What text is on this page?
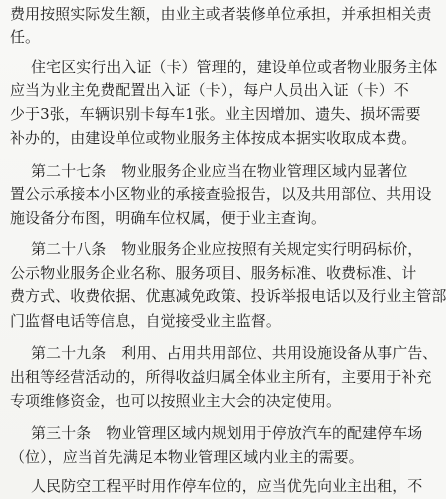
费用按照实际发生额，由业主或者装修单位承担，并承担相关责
任。
住宅区实行出入证（卡）管理的，建设单位或者物业服务主体
应当为业主免费配置出入证（卡），每户人员出入证（卡）不
少于3张，车辆识别卡每车1张。业主因增加、遗失、损坏需要
补办的，由建设单位或物业服务主体按成本据实收取成本费。
第二十七条　物业服务企业应当在物业管理区域内显著位
置公示承接本小区物业的承接查验报告，以及共用部位、共用设
施设备分布图，明确车位权属，便于业主查询。
第二十八条　物业服务企业应按照有关规定实行明码标价，
公示物业服务企业名称、服务项目、服务标准、收费标准、计
费方式、收费依据、优惠减免政策、投诉举报电话以及行业主管部
门监督电话等信息，自觉接受业主监督。
第二十九条　利用、占用共用部位、共用设施设备从事广告、
出租等经营活动的，所得收益归属全体业主所有，主要用于补充
专项维修资金，也可以按照业主大会的决定使用。
第三十条　物业管理区域内规划用于停放汽车的配建停车场
（位），应当首先满足本物业管理区域内业主的需要。
人民防空工程平时用作停车位的，应当优先向业主出租，不
